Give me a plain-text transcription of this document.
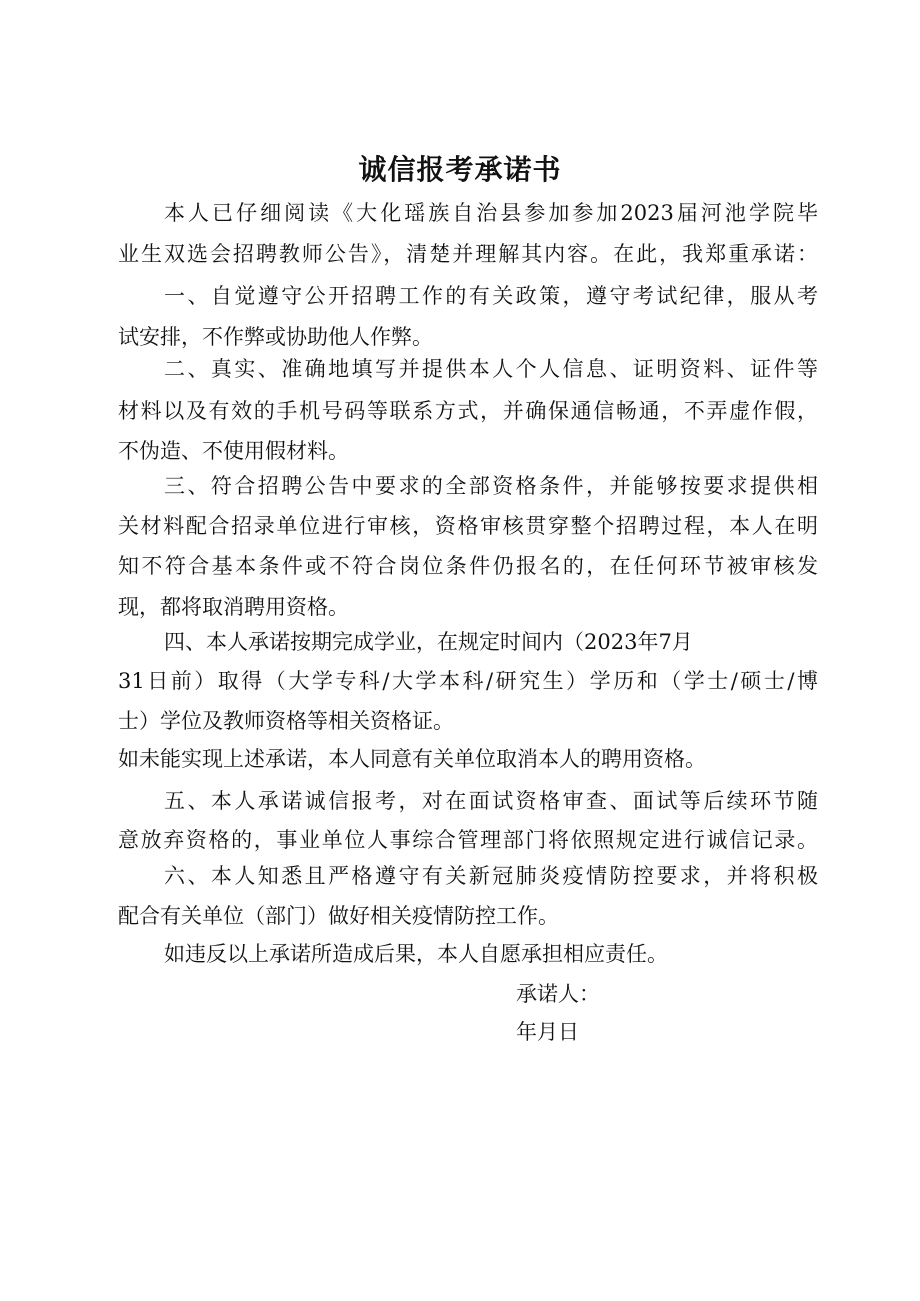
诚信报考承诺书
本人已仔细阅读《大化瑶族自治县参加参加2023届河池学院毕
业生双选会招聘教师公告》，清楚并理解其内容。在此，我郑重承诺：
一、自觉遵守公开招聘工作的有关政策，遵守考试纪律，服从考
试安排，不作弊或协助他人作弊。
二、真实、准确地填写并提供本人个人信息、证明资料、证件等
材料以及有效的手机号码等联系方式，并确保通信畅通，不弄虚作假，
不伪造、不使用假材料。
三、符合招聘公告中要求的全部资格条件，并能够按要求提供相
关材料配合招录单位进行审核，资格审核贯穿整个招聘过程，本人在明
知不符合基本条件或不符合岗位条件仍报名的，在任何环节被审核发
现，都将取消聘用资格。
四、本人承诺按期完成学业，在规定时间内（2023年7月
31日前）取得（大学专科/大学本科/研究生）学历和（学士/硕士/博
士）学位及教师资格等相关资格证。
如未能实现上述承诺，本人同意有关单位取消本人的聘用资格。
五、本人承诺诚信报考，对在面试资格审查、面试等后续环节随
意放弃资格的，事业单位人事综合管理部门将依照规定进行诚信记录。
六、本人知悉且严格遵守有关新冠肺炎疫情防控要求，并将积极
配合有关单位（部门）做好相关疫情防控工作。
如违反以上承诺所造成后果，本人自愿承担相应责任。
承诺人：
年月日
